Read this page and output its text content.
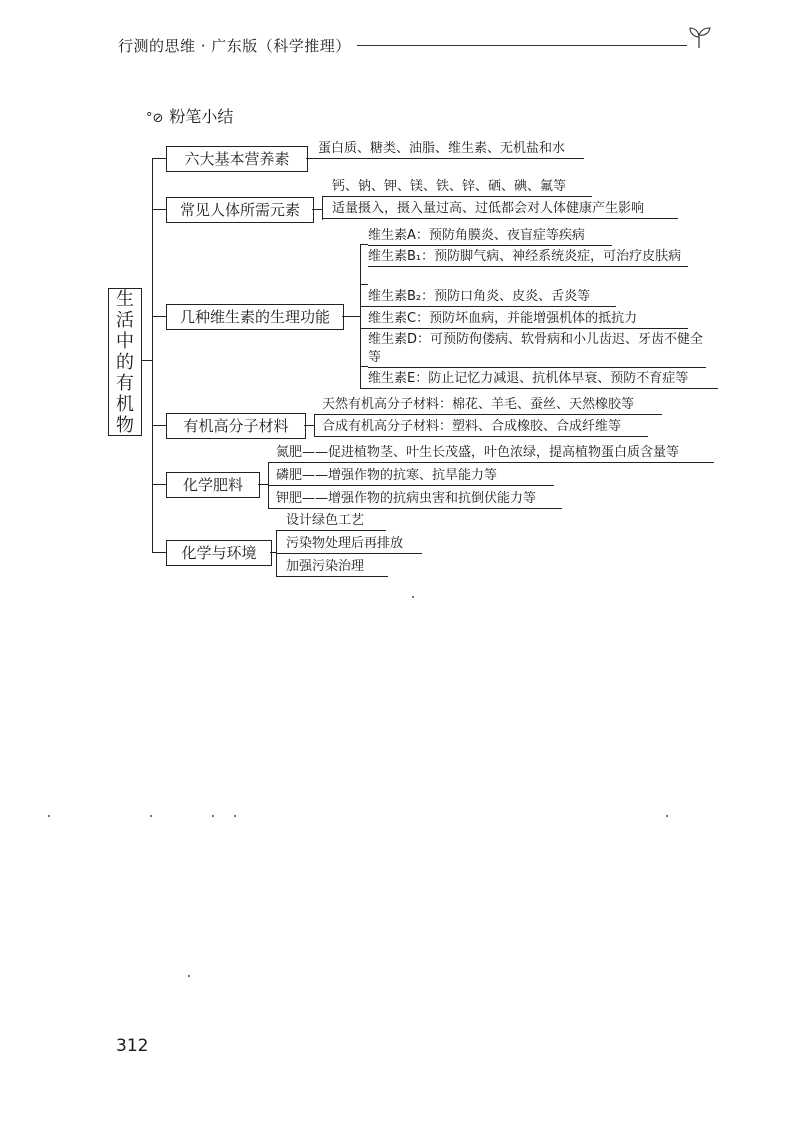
行测的思维 · 广东版（科学推理）
°⊘ 粉笔小结
生
活
中
的
有
机
物
六大基本营养素
蛋白质、糖类、油脂、维生素、无机盐和水
常见人体所需元素
钙、钠、钾、镁、铁、锌、硒、碘、氟等
适量摄入，摄入量过高、过低都会对人体健康产生影响
几种维生素的生理功能
维生素A：预防角膜炎、夜盲症等疾病
维生素B₁：预防脚气病、神经系统炎症，可治疗皮肤病
维生素B₂：预防口角炎、皮炎、舌炎等
维生素C：预防坏血病，并能增强机体的抵抗力
维生素D：可预防佝偻病、软骨病和小儿齿迟、牙齿不健全等
维生素E：防止记忆力减退、抗机体早衰、预防不育症等
有机高分子材料
天然有机高分子材料：棉花、羊毛、蚕丝、天然橡胶等
合成有机高分子材料：塑料、合成橡胶、合成纤维等
化学肥料
氮肥——促进植物茎、叶生长茂盛，叶色浓绿，提高植物蛋白质含量等
磷肥——增强作物的抗寒、抗旱能力等
钾肥——增强作物的抗病虫害和抗倒伏能力等
化学与环境
设计绿色工艺
污染物处理后再排放
加强污染治理
312
